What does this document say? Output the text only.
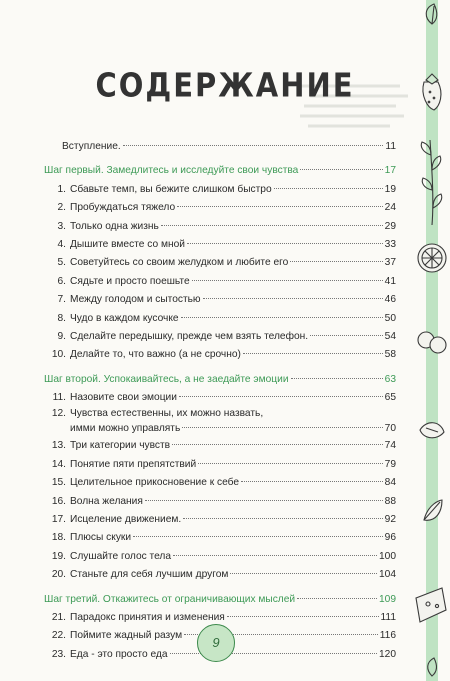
СОДЕРЖАНИЕ
Вступление.	11
Шаг первый. Замедлитесь и исследуйте свои чувства	17
1. Сбавьте темп, вы бежите слишком быстро	19
2. Пробуждаться тяжело	24
3. Только одна жизнь	29
4. Дышите вместе со мной	33
5. Советуйтесь со своим желудком и любите его	37
6. Сядьте и просто поешьте	41
7. Между голодом и сытостью	46
8. Чудо в каждом кусочке	50
9. Сделайте передышку, прежде чем взять телефон.	54
10. Делайте то, что важно (а не срочно)	58
Шаг второй. Успокаивайтесь, а не заедайте эмоции	63
11. Назовите свои эмоции	65
12. Чувства естественны, их можно назвать,
имми можно управлять	70
13. Три категории чувств	74
14. Понятие пяти препятствий	79
15. Целительное прикосновение к себе	84
16. Волна желания	88
17. Исцеление движением.	92
18. Плюсы скуки	96
19. Слушайте голос тела	100
20. Станьте для себя лучшим другом	104
Шаг третий. Откажитесь от ограничивающих мыслей	109
21. Парадокс принятия и изменения	111
22. Поймите жадный разум	116
23. Еда - это просто еда	120
9
